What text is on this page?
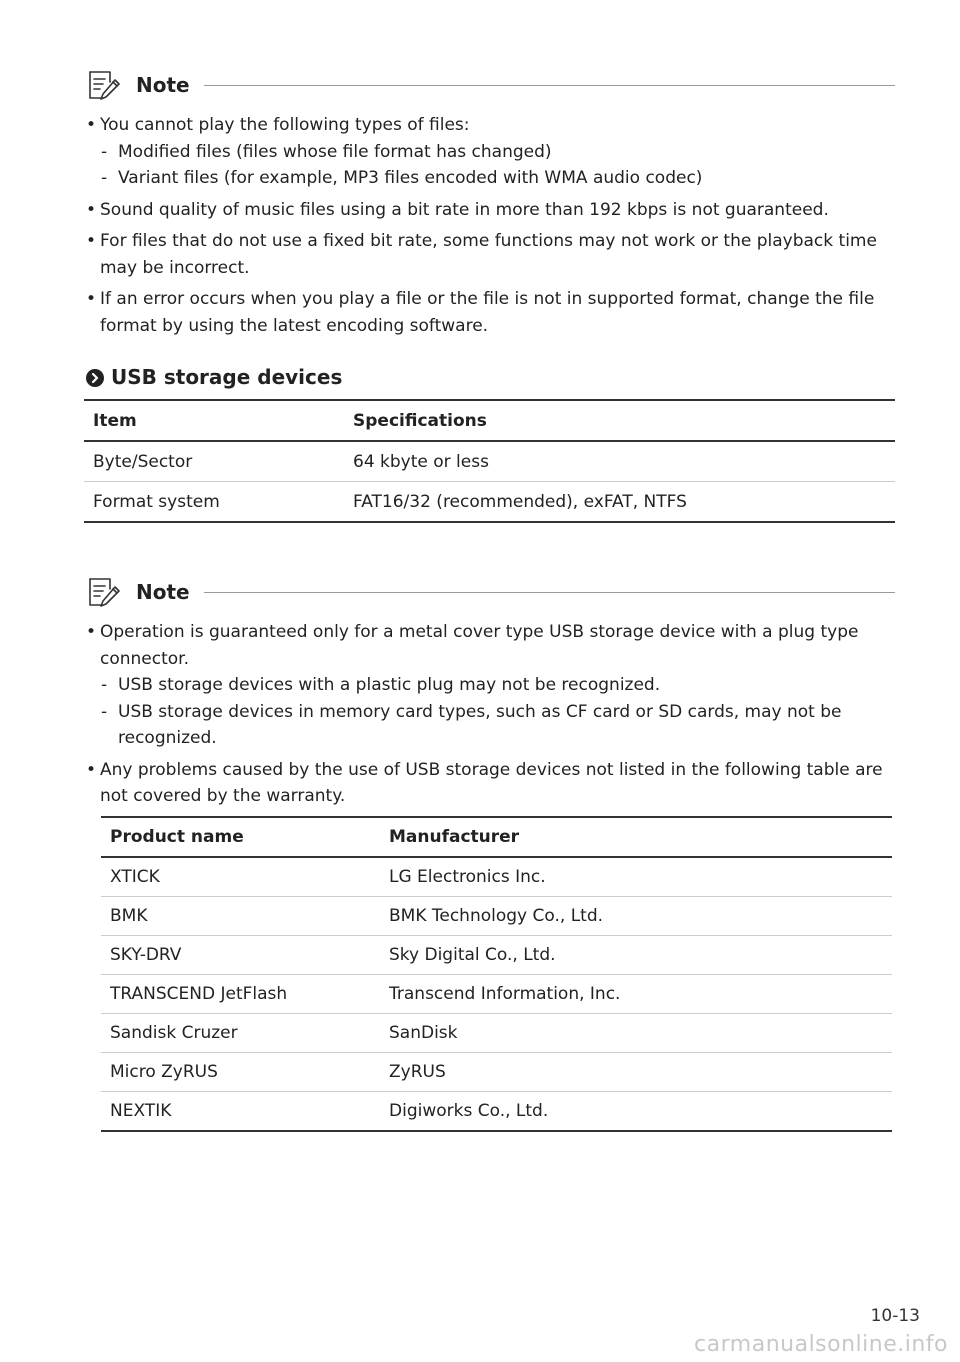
Note
• You cannot play the following types of files:
- Modified files (files whose file format has changed)
- Variant files (for example, MP3 files encoded with WMA audio codec)
• Sound quality of music files using a bit rate in more than 192 kbps is not guaranteed.
• For files that do not use a fixed bit rate, some functions may not work or the playback time may be incorrect.
• If an error occurs when you play a file or the file is not in supported format, change the file format by using the latest encoding software.
USB storage devices
Item	Specifications
Byte/Sector	64 kbyte or less
Format system	FAT16/32 (recommended), exFAT, NTFS
Note
• Operation is guaranteed only for a metal cover type USB storage device with a plug type connector.
- USB storage devices with a plastic plug may not be recognized.
- USB storage devices in memory card types, such as CF card or SD cards, may not be recognized.
• Any problems caused by the use of USB storage devices not listed in the following table are not covered by the warranty.
Product name	Manufacturer
XTICK	LG Electronics Inc.
BMK	BMK Technology Co., Ltd.
SKY-DRV	Sky Digital Co., Ltd.
TRANSCEND JetFlash	Transcend Information, Inc.
Sandisk Cruzer	SanDisk
Micro ZyRUS	ZyRUS
NEXTIK	Digiworks Co., Ltd.
10-13
carmanualsonline.info
